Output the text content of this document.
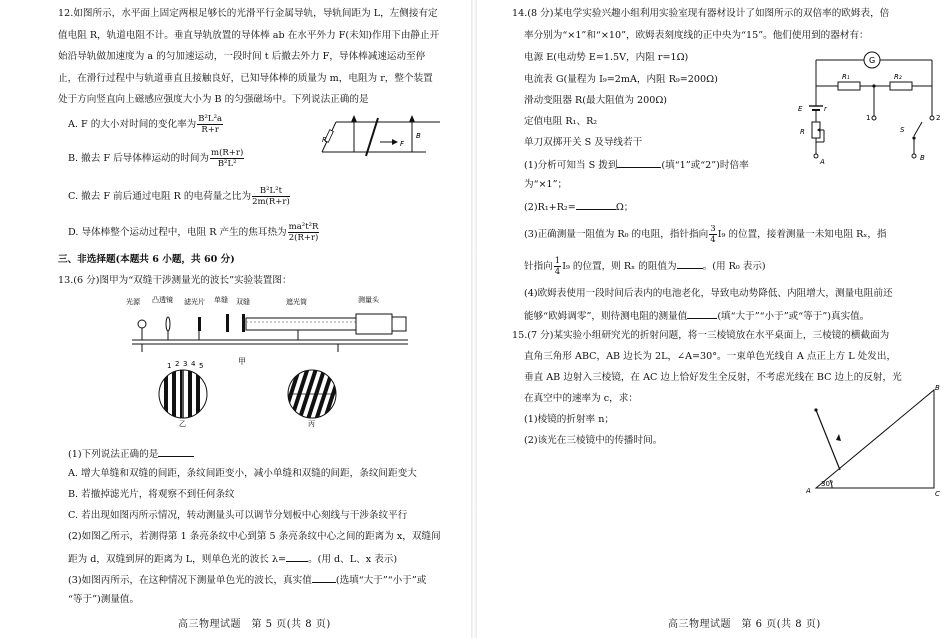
12.如图所示，水平面上固定两根足够长的光滑平行金属导轨，导轨间距为 L，左侧接有定
值电阻 R，轨道电阻不计。垂直导轨放置的导体棒 ab 在水平外力 F(未知)作用下由静止开
始沿导轨做加速度为 a 的匀加速运动，一段时间 t 后撤去外力 F，导体棒减速运动至停
止，在滑行过程中与轨道垂直且接触良好，已知导体棒的质量为 m，电阻为 r，整个装置
处于方向竖直向上磁感应强度大小为 B 的匀强磁场中。下列说法正确的是
A. F 的大小对时间的变化率为 $\frac{\text{B²L²a}}{R+r}$
B. 撤去 F 后导体棒运动的时间为 $\frac{m(R+r)}{\text{B²L²}}$
C. 撤去 F 前后通过电阻 R 的电荷量之比为 $\frac{\text{B²L²t}}{2m(R+r)}$
D. 导体棒整个运动过程中，电阻 R 产生的焦耳热为 $\frac{\text{ma²t²R}}{2(R+r)}$
R	F
B
三、非选择题(本题共 6 小题，共 60 分)
13.(6 分)图甲为“双缝干涉测量光的波长”实验装置图：
光源 凸透镜 滤光片 单缝 双缝	遮光筒	测量头
甲
1 2 3 4 5
乙	丙
(1)下列说法正确的是
A. 增大单缝和双缝的间距，条纹间距变小，减小单缝和双缝的间距，条纹间距变大
B. 若撤掉滤光片，将观察不到任何条纹
C. 若出现如图丙所示情况，转动测量头可以调节分划板中心刻线与干涉条纹平行
(2)如图乙所示，若测得第 1 条亮条纹中心到第 5 条亮条纹中心之间的距离为 x，双缝间
距为 d，双缝到屏的距离为 L，则单色光的波长 λ= 。(用 d、L、x 表示)
(3)如图丙所示，在这种情况下测量单色光的波长，真实值	(选填“大于”“小于”或
“等于”)测量值。
高三物理试题　第 5 页(共 8 页)
14.(8 分)某电学实验兴趣小组利用实验室现有器材设计了如图所示的双倍率的欧姆表，倍
率分别为“×1”和“×10”，欧姆表刻度线的正中央为“15”。他们使用到的器材有：
电源 E(电动势 E=1.5V，内阻 r=1Ω)
电流表 G(量程为 I₉=2mA，内阻 R₉=200Ω)
滑动变阻器 R(最大阻值为 200Ω)
定值电阻 R₁、R₂
单刀双掷开关 S 及导线若干
(1)分析可知当 S 拨到	(填“1”或“2”)时倍率
为“×1”；
(2)R₁+R₂=	Ω；
(3)正确测量一阻值为 R₀ 的电阻，指针指向 $\frac{3}{4} I_9$ 的位置，接着测量一未知电阻 Rₓ，指
针指向 $\frac{1}{4} I_9$ 的位置，则 Rₓ 的阻值为	。(用 R₀ 表示)
(4)欧姆表使用一段时间后表内的电池老化，导致电动势降低、内阻增大，测量电阻前还
能够“欧姆调零”，则待测电阻的测量值	(填“大于”“小于”或“等于”)真实值。
G
R₁	R₂
1	2
S
B
E	r
R
A
15.(7 分)某实验小组研究光的折射问题，将一三棱镜放在水平桌面上，三棱镜的横截面为
直角三角形 ABC，AB 边长为 2L，∠A=30°。一束单色光线自 A 点正上方 L 处发出，
垂直 AB 边射入三棱镜，在 AC 边上恰好发生全反射，不考虑光线在 BC 边上的反射，光
在真空中的速率为 c，求：
(1)棱镜的折射率 n；
(2)该光在三棱镜中的传播时间。
30°
A
B
C
高三物理试题　第 6 页(共 8 页)
